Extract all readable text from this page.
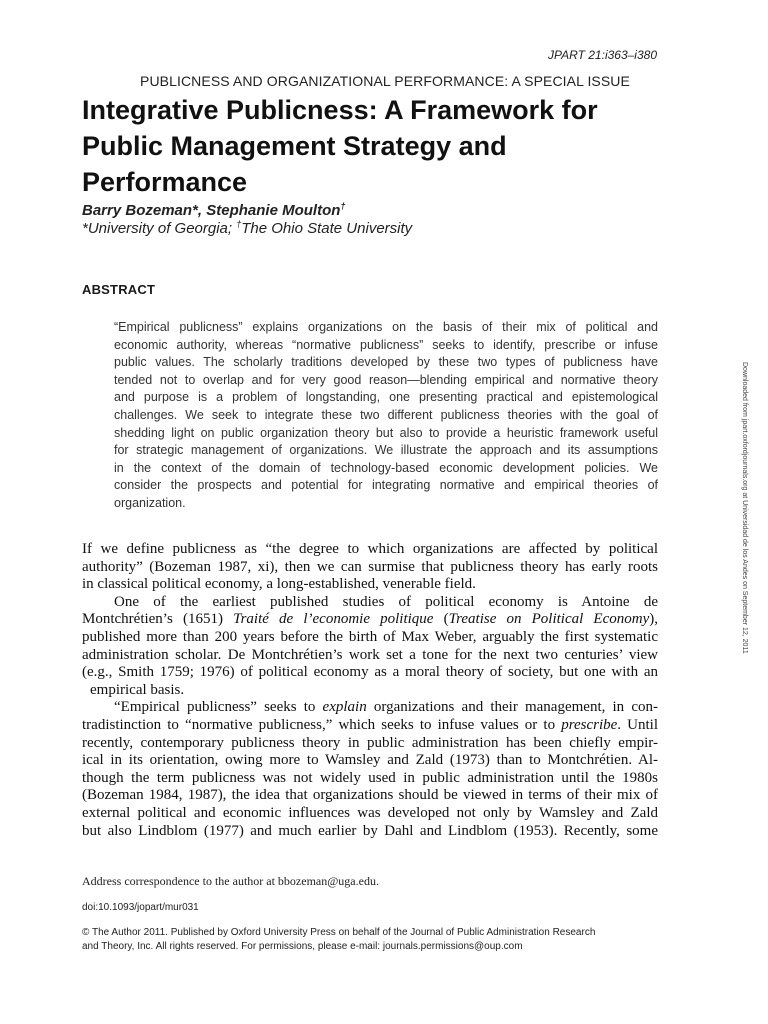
JPART 21:i363–i380
PUBLICNESS AND ORGANIZATIONAL PERFORMANCE: A SPECIAL ISSUE
Integrative Publicness: A Framework for
Public Management Strategy and
Performance
Barry Bozeman*, Stephanie Moulton†
*University of Georgia; †The Ohio State University
ABSTRACT
“Empirical publicness” explains organizations on the basis of their mix of political and
economic authority, whereas “normative publicness” seeks to identify, prescribe or infuse
public values. The scholarly traditions developed by these two types of publicness have
tended not to overlap and for very good reason—blending empirical and normative theory
and purpose is a problem of longstanding, one presenting practical and epistemological
challenges. We seek to integrate these two different publicness theories with the goal of
shedding light on public organization theory but also to provide a heuristic framework useful
for strategic management of organizations. We illustrate the approach and its assumptions
in the context of the domain of technology-based economic development policies. We
consider the prospects and potential for integrating normative and empirical theories of
organization.
If we define publicness as “the degree to which organizations are affected by political
authority” (Bozeman 1987, xi), then we can surmise that publicness theory has early roots
in classical political economy, a long-established, venerable field.
One of the earliest published studies of political economy is Antoine de
Montchrétien’s (1651) Traité de l’economie politique (Treatise on Political Economy),
published more than 200 years before the birth of Max Weber, arguably the first systematic
administration scholar. De Montchrétien’s work set a tone for the next two centuries’ view
(e.g., Smith 1759; 1976) of political economy as a moral theory of society, but one with an
empirical basis.
“Empirical publicness” seeks to explain organizations and their management, in con-
tradistinction to “normative publicness,” which seeks to infuse values or to prescribe. Until
recently, contemporary publicness theory in public administration has been chiefly empir-
ical in its orientation, owing more to Wamsley and Zald (1973) than to Montchrétien. Al-
though the term publicness was not widely used in public administration until the 1980s
(Bozeman 1984, 1987), the idea that organizations should be viewed in terms of their mix of
external political and economic influences was developed not only by Wamsley and Zald
but also Lindblom (1977) and much earlier by Dahl and Lindblom (1953). Recently, some
Downloaded from jpart.oxfordjournals.org at Universidad de los Andes on September 12, 2011
Address correspondence to the author at bbozeman@uga.edu.
doi:10.1093/jopart/mur031
© The Author 2011. Published by Oxford University Press on behalf of the Journal of Public Administration Research
and Theory, Inc. All rights reserved. For permissions, please e-mail: journals.permissions@oup.com
